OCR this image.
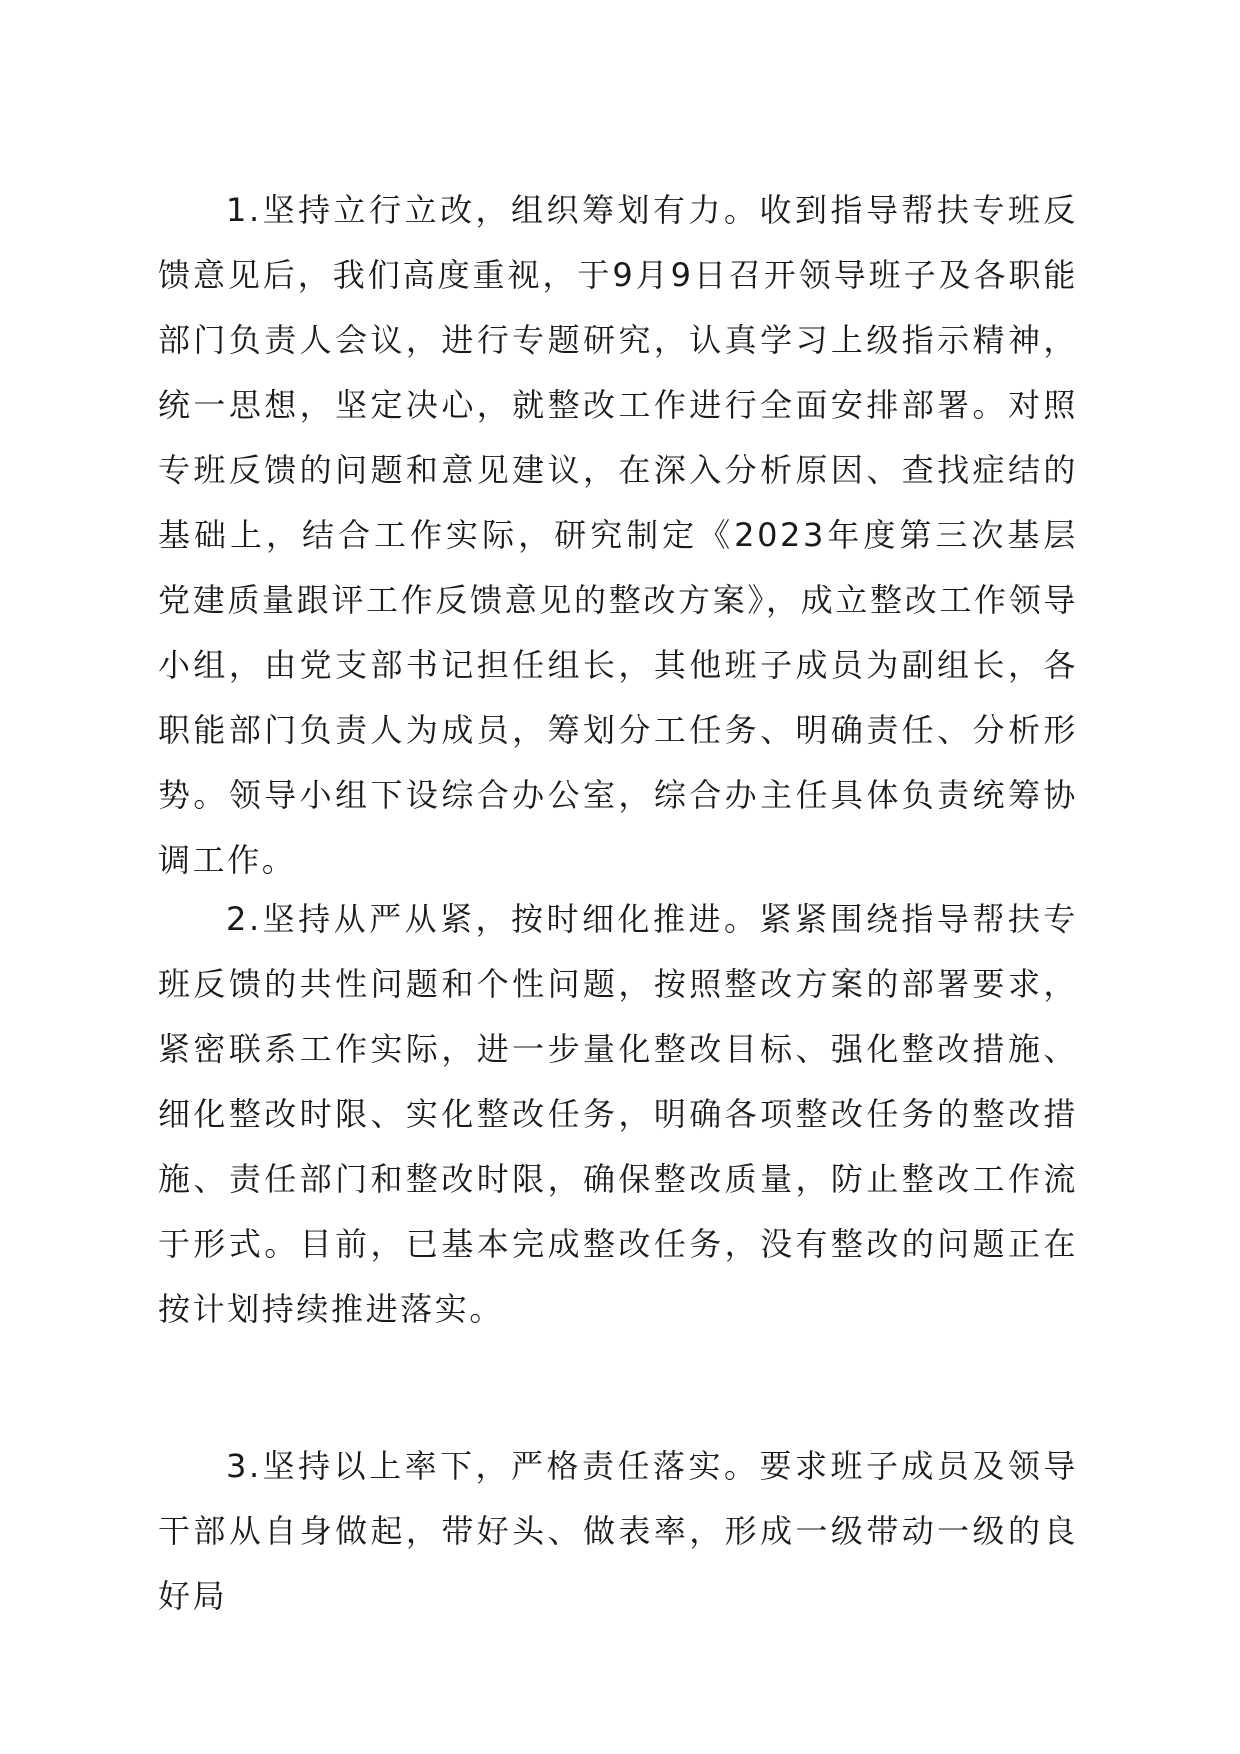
1.坚持立行立改，组织筹划有力。收到指导帮扶专班反馈意见后，我们高度重视，于9月9日召开领导班子及各职能部门负责人会议，进行专题研究，认真学习上级指示精神，统一思想，坚定决心，就整改工作进行全面安排部署。对照专班反馈的问题和意见建议，在深入分析原因、查找症结的基础上，结合工作实际，研究制定《2023年度第三次基层党建质量跟评工作反馈意见的整改方案》，成立整改工作领导小组，由党支部书记担任组长，其他班子成员为副组长，各职能部门负责人为成员，筹划分工任务、明确责任、分析形势。领导小组下设综合办公室，综合办主任具体负责统筹协调工作。

2.坚持从严从紧，按时细化推进。紧紧围绕指导帮扶专班反馈的共性问题和个性问题，按照整改方案的部署要求，紧密联系工作实际，进一步量化整改目标、强化整改措施、细化整改时限、实化整改任务，明确各项整改任务的整改措施、责任部门和整改时限，确保整改质量，防止整改工作流于形式。目前，已基本完成整改任务，没有整改的问题正在按计划持续推进落实。

3.坚持以上率下，严格责任落实。要求班子成员及领导干部从自身做起，带好头、做表率，形成一级带动一级的良好局
